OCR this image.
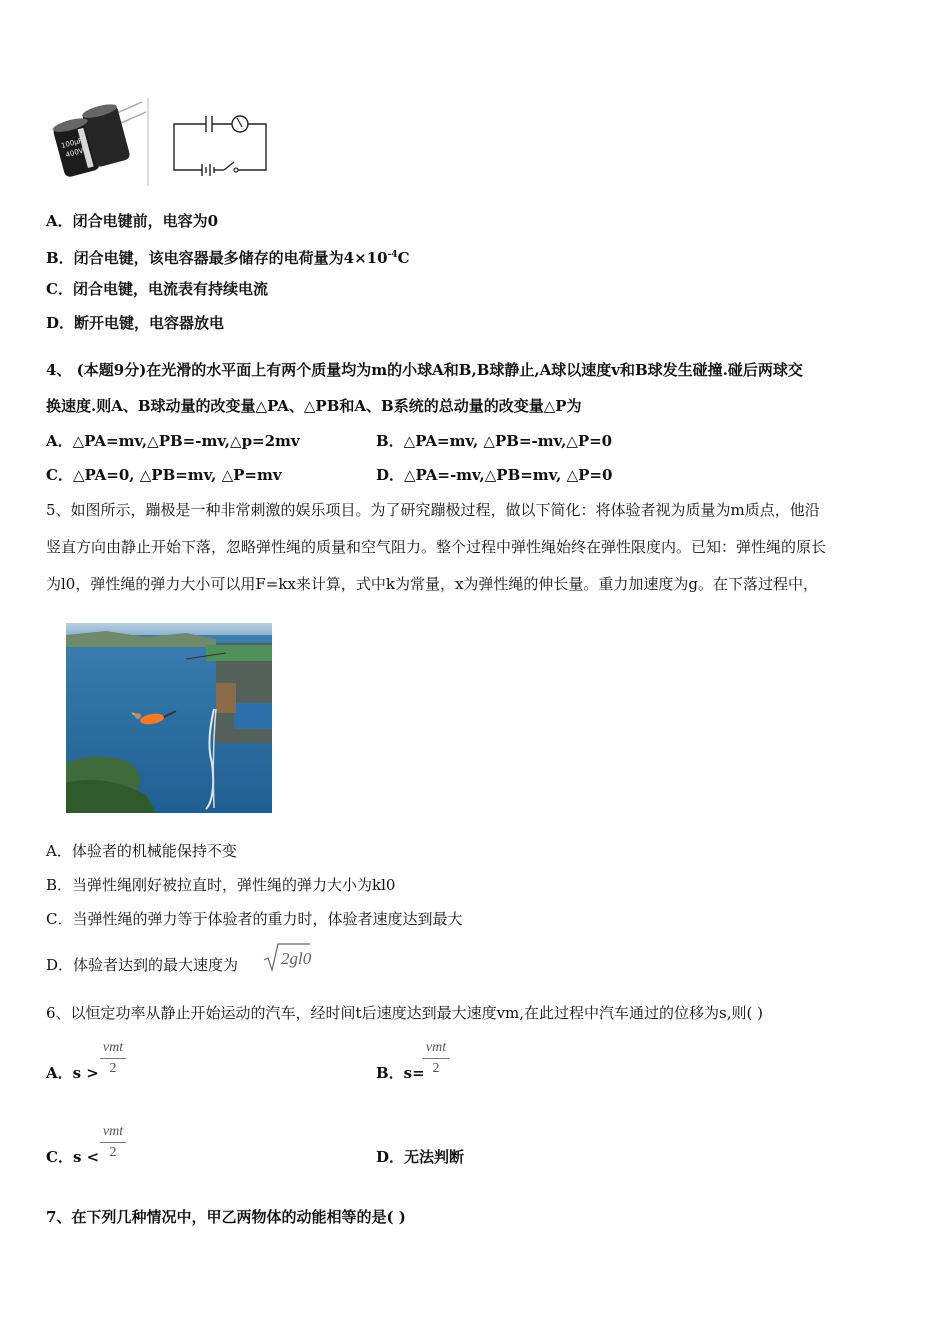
100μF
400V
A．闭合电键前，电容为0
B．闭合电键，该电容器最多储存的电荷量为$4\times 10^{-4}C$
C．闭合电键，电流表有持续电流
D．断开电键，电容器放电
4、 (本题9分)在光滑的水平面上有两个质量均为m的小球A和B,B球静止,A球以速度v和B球发生碰撞.碰后两球交
换速度.则A、B球动量的改变量△PA、△PB和A、B系统的总动量的改变量△P为
A．△PA=mv,△PB=-mv,△p=2mv	B．△PA=mv, △PB=-mv,△P=0
C．△PA=0, △PB=mv, △P=mv	D．△PA=-mv,△PB=mv, △P=0
5、如图所示，蹦极是一种非常刺激的娱乐项目。为了研究蹦极过程，做以下简化：将体验者视为质量为m质点，他沿
竖直方向由静止开始下落，忽略弹性绳的质量和空气阻力。整个过程中弹性绳始终在弹性限度内。已知：弹性绳的原长
为l0，弹性绳的弹力大小可以用F=kx来计算，式中k为常量，x为弹性绳的伸长量。重力加速度为g。在下落过程中，
A．体验者的机械能保持不变
B．当弹性绳刚好被拉直时，弹性绳的弹力大小为kl0
C．当弹性绳的弹力等于体验者的重力时，体验者速度达到最大
D．体验者达到的最大速度为	2gl0
6、以恒定功率从静止开始运动的汽车，经时间t后速度达到最大速度vm,在此过程中汽车通过的位移为s,则( )
A．s >
vmt
2	B．s=
vmt
2
C．s <
vmt
2	D．无法判断
7、在下列几种情况中，甲乙两物体的动能相等的是( )
